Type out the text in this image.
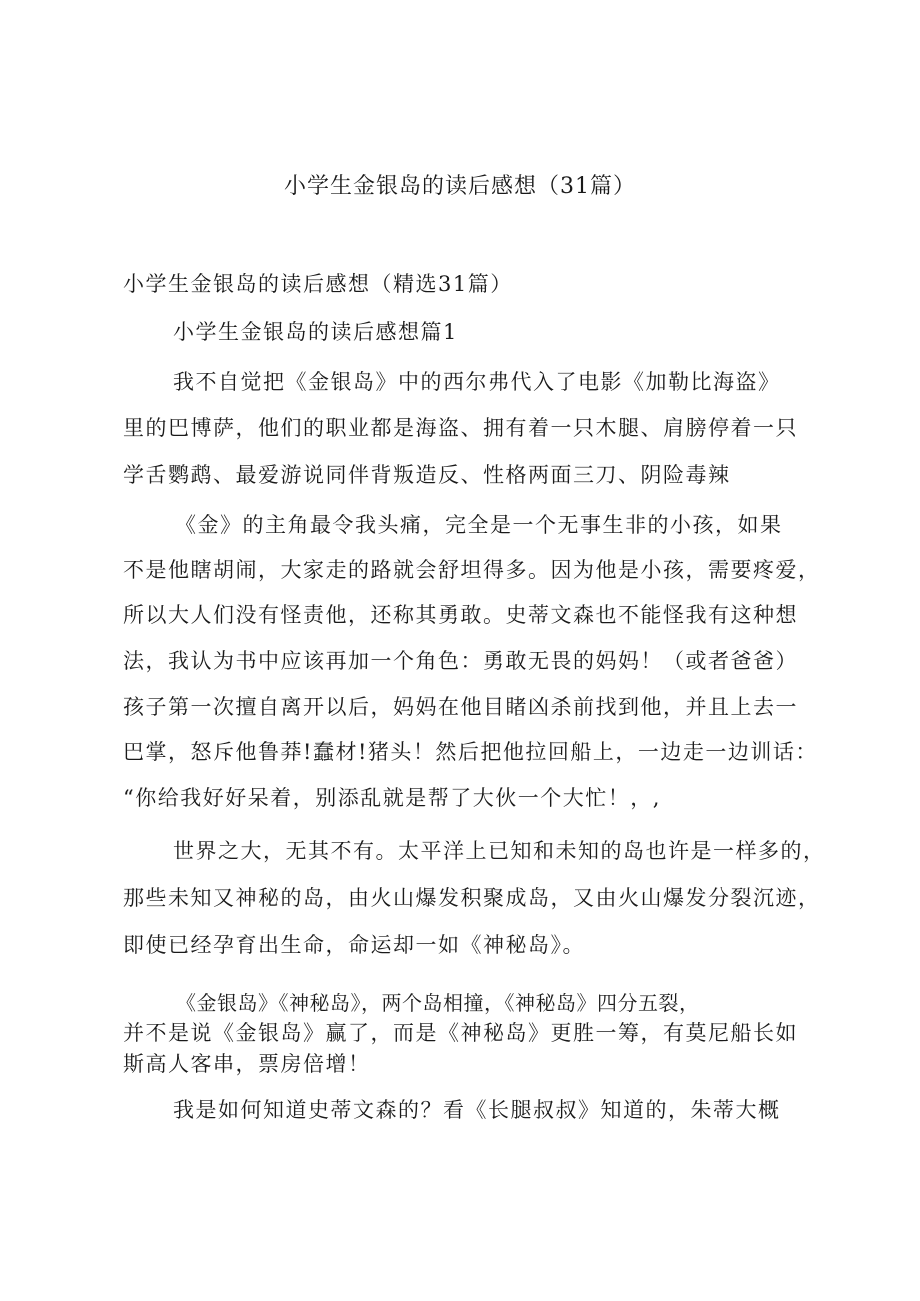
小学生金银岛的读后感想（31篇）
小学生金银岛的读后感想（精选31篇）
小学生金银岛的读后感想篇1
我不自觉把《金银岛》中的西尔弗代入了电影《加勒比海盗》
里的巴博萨，他们的职业都是海盗、拥有着一只木腿、肩膀停着一只
学舌鹦鹉、最爱游说同伴背叛造反、性格两面三刀、阴险毒辣
《金》的主角最令我头痛，完全是一个无事生非的小孩，如果
不是他瞎胡闹，大家走的路就会舒坦得多。因为他是小孩，需要疼爱，
所以大人们没有怪责他，还称其勇敢。史蒂文森也不能怪我有这种想
法，我认为书中应该再加一个角色：勇敢无畏的妈妈！（或者爸爸）
孩子第一次擅自离开以后，妈妈在他目睹凶杀前找到他，并且上去一
巴掌，怒斥他鲁莽!蠢材!猪头！然后把他拉回船上，一边走一边训话：
“你给我好好呆着，别添乱就是帮了大伙一个大忙！，,
世界之大，无其不有。太平洋上已知和未知的岛也许是一样多的，
那些未知又神秘的岛，由火山爆发积聚成岛，又由火山爆发分裂沉迹，
即使已经孕育出生命，命运却一如《神秘岛》。
《金银岛》《神秘岛》，两个岛相撞，《神秘岛》四分五裂，
并不是说《金银岛》赢了，而是《神秘岛》更胜一筹，有莫尼船长如
斯高人客串，票房倍增！
我是如何知道史蒂文森的？看《长腿叔叔》知道的，朱蒂大概
